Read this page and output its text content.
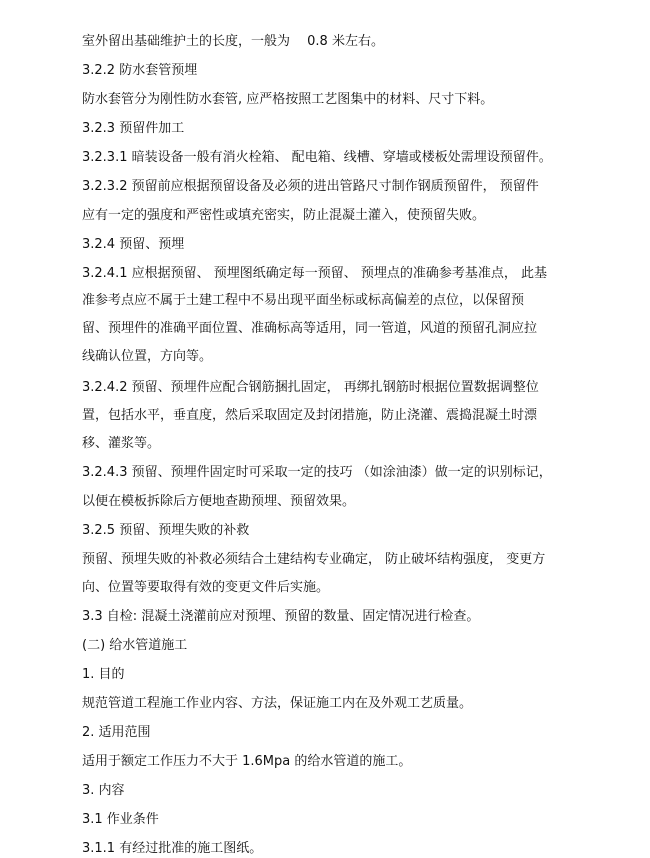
室外留出基础维护土的长度，一般为　 0.8 米左右。
3.2.2 防水套管预埋
防水套管分为刚性防水套管, 应严格按照工艺图集中的材料、尺寸下料。
3.2.3 预留件加工
3.2.3.1 暗装设备一般有消火栓箱、 配电箱、线槽、穿墙或楼板处需埋设预留件。
3.2.3.2 预留前应根据预留设备及必须的进出管路尺寸制作钢质预留件， 预留件
应有一定的强度和严密性或填充密实，防止混凝土灌入，使预留失败。
3.2.4 预留、预埋
3.2.4.1 应根据预留、 预埋图纸确定每一预留、 预埋点的准确参考基准点， 此基
准参考点应不属于土建工程中不易出现平面坐标或标高偏差的点位，以保留预
留、预埋件的准确平面位置、准确标高等适用，同一管道，风道的预留孔洞应拉
线确认位置，方向等。
3.2.4.2 预留、预埋件应配合钢筋捆扎固定， 再绑扎钢筋时根据位置数据调整位
置，包括水平，垂直度，然后采取固定及封闭措施，防止浇灌、震捣混凝土时漂
移、灌浆等。
3.2.4.3 预留、预埋件固定时可采取一定的技巧 （如涂油漆）做一定的识别标记，
以便在模板拆除后方便地查勘预埋、预留效果。
3.2.5 预留、预埋失败的补救
预留、预埋失败的补救必须结合土建结构专业确定， 防止破坏结构强度， 变更方
向、位置等要取得有效的变更文件后实施。
3.3 自检: 混凝土浇灌前应对预埋、预留的数量、固定情况进行检查。
(二) 给水管道施工
1. 目的
规范管道工程施工作业内容、方法，保证施工内在及外观工艺质量。
2. 适用范围
适用于额定工作压力不大于 1.6Mpa 的给水管道的施工。
3. 内容
3.1 作业条件
3.1.1 有经过批准的施工图纸。
